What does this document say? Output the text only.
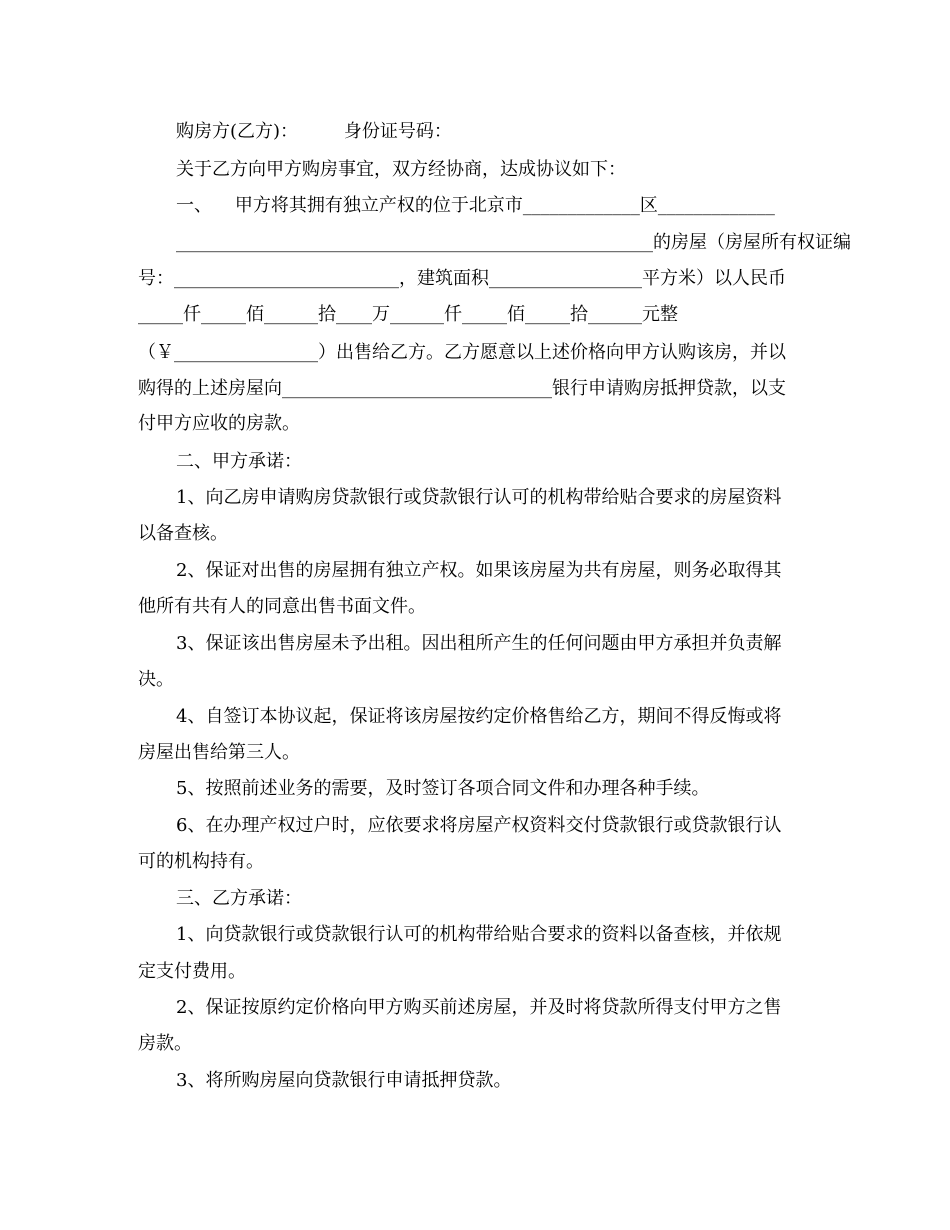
购房方(乙方)：        身份证号码：

关于乙方向甲方购房事宜，双方经协商，达成协议如下：

一、    甲方将其拥有独立产权的位于北京市_____________区_____________

_____________________________________________________的房屋（房屋所有权证编

号：_________________________，建筑面积_________________平方米）以人民币

_____仟_____佰______拾____万______仟_____佰_____拾______元整

（￥________________）出售给乙方。乙方愿意以上述价格向甲方认购该房，并以

购得的上述房屋向______________________________银行申请购房抵押贷款，以支

付甲方应收的房款。

二、甲方承诺：

1、向乙房申请购房贷款银行或贷款银行认可的机构带给贴合要求的房屋资料

以备查核。

2、保证对出售的房屋拥有独立产权。如果该房屋为共有房屋，则务必取得其

他所有共有人的同意出售书面文件。

3、保证该出售房屋未予出租。因出租所产生的任何问题由甲方承担并负责解

决。

4、自签订本协议起，保证将该房屋按约定价格售给乙方，期间不得反悔或将

房屋出售给第三人。

5、按照前述业务的需要，及时签订各项合同文件和办理各种手续。

6、在办理产权过户时，应依要求将房屋产权资料交付贷款银行或贷款银行认

可的机构持有。

三、乙方承诺：

1、向贷款银行或贷款银行认可的机构带给贴合要求的资料以备查核，并依规

定支付费用。

2、保证按原约定价格向甲方购买前述房屋，并及时将贷款所得支付甲方之售

房款。

3、将所购房屋向贷款银行申请抵押贷款。
